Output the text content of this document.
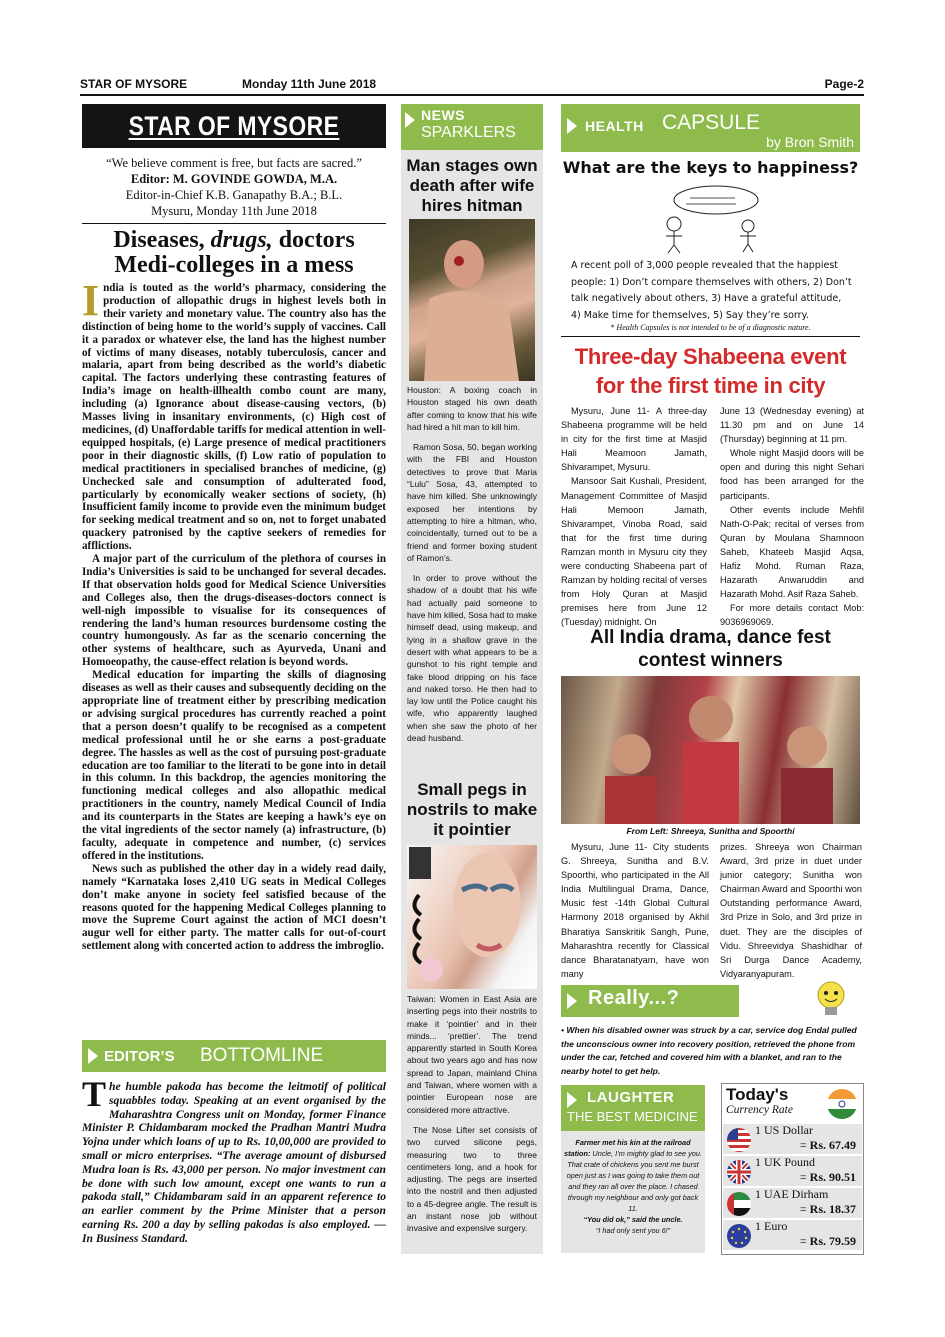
STAR OF MYSORE	Monday 11th June 2018	Page-2
STAR OF MYSORE
“We believe comment is free, but facts are sacred.”
Editor: M. GOVINDE GOWDA, M.A.
Editor-in-Chief K.B. Ganapathy B.A.; B.L.
Mysuru, Monday 11th June 2018
Diseases, drugs, doctors
Medi-colleges in a mess

India is touted as the world’s pharmacy, considering the production of allopathic drugs in highest levels both in their variety and monetary value. The country also has the distinction of being home to the world’s supply of vaccines. Call it a paradox or whatever else, the land has the highest number of victims of many diseases, notably tuberculosis, cancer and malaria, apart from being described as the world’s diabetic capital. The factors underlying these contrasting features of India’s image on health-illhealth combo count are many, including (a) Ignorance about disease-causing vectors, (b) Masses living in insanitary environments, (c) High cost of medicines, (d) Unaffordable tariffs for medical attention in well-equipped hospitals, (e) Large presence of medical practitioners poor in their diagnostic skills, (f) Low ratio of population to medical practitioners in specialised branches of medicine, (g) Unchecked sale and consumption of adulterated food, particularly by economically weaker sections of society, (h) Insufficient family income to provide even the minimum budget for seeking medical treatment and so on, not to forget unabated quackery patronised by the captive seekers of remedies for afflictions.

A major part of the curriculum of the plethora of courses in India’s Universities is said to be unchanged for several decades. If that observation holds good for Medical Science Universities and Colleges also, then the drugs-diseases-doctors connect is well-nigh impossible to visualise for its consequences of rendering the land’s human resources burdensome costing the country humongously. As far as the scenario concerning the other systems of healthcare, such as Ayurveda, Unani and Homoeopathy, the cause-effect relation is beyond words.

Medical education for imparting the skills of diagnosing diseases as well as their causes and subsequently deciding on the appropriate line of treatment either by prescribing medication or advising surgical procedures has currently reached a point that a person doesn’t qualify to be recognised as a competent medical professional until he or she earns a post-graduate degree. The hassles as well as the cost of pursuing post-graduate education are too familiar to the literati to be gone into in detail in this column. In this backdrop, the agencies monitoring the functioning medical colleges and also allopathic medical practitioners in the country, namely Medical Council of India and its counterparts in the States are keeping a hawk’s eye on the vital ingredients of the sector namely (a) infrastructure, (b) faculty, adequate in competence and number, (c) services offered in the institutions.

News such as published the other day in a widely read daily, namely “Karnataka loses 2,410 UG seats in Medical Colleges don’t make anyone in society feel satisfied because of the reasons quoted for the happening Medical Colleges planning to move the Supreme Court against the action of MCI doesn’t augur well for either party. The matter calls for out-of-court settlement along with concerted action to address the imbroglio.

EDITOR’S BOTTOMLINE
The humble pakoda has become the leitmotif of political squabbles today. Speaking at an event organised by the Maharashtra Congress unit on Monday, former Finance Minister P. Chidambaram mocked the Pradhan Mantri Mudra Yojna under which loans of up to Rs. 10,00,000 are provided to small or micro enterprises. “The average amount of disbursed Mudra loan is Rs. 43,000 per person. No major investment can be done with such low amount, except one wants to run a pakoda stall,” Chidambaram said in an apparent reference to an earlier comment by the Prime Minister that a person earning Rs. 200 a day by selling pakodas is also employed. — In Business Standard.
NEWS
SPARKLERS
Man stages own death after wife hires hitman

Houston: A boxing coach in Houston staged his own death after coming to know that his wife had hired a hit man to kill him.

Ramon Sosa, 50, began working with the FBI and Houston detectives to prove that Maria “Lulu” Sosa, 43, attempted to have him killed. She unknowingly exposed her intentions by attempting to hire a hitman, who, coincidentally, turned out to be a friend and former boxing student of Ramon’s.

In order to prove without the shadow of a doubt that his wife had actually paid someone to have him killed, Sosa had to make himself dead, using makeup, and lying in a shallow grave in the desert with what appears to be a gunshot to his right temple and fake blood dripping on his face and naked torso. He then had to lay low until the Police caught his wife, who apparently laughed when she saw the photo of her dead husband.

Small pegs in nostrils to make it pointier

Taiwan: Women in East Asia are inserting pegs into their nostrils to make it ‘pointier’ and in their minds... ‘prettier’. The trend apparently started in South Korea about two years ago and has now spread to Japan, mainland China and Taiwan, where women with a pointier European nose are considered more attractive.

The Nose Lifter set consists of two curved silicone pegs, measuring two to three centimeters long, and a hook for adjusting. The pegs are inserted into the nostril and then adjusted to a 45-degree angle. The result is an instant nose job without invasive and expensive surgery.

HEALTH CAPSULE
by Bron Smith
What are the keys to happiness?
A recent poll of 3,000 people revealed that the happiest people: 1) Don’t compare themselves with others, 2) Don’t talk negatively about others, 3) Have a grateful attitude, 4) Make time for themselves, 5) Say they’re sorry.
* Health Capsules is not intended to be of a diagnostic nature.
Three-day Shabeena event
for the first time in city

Mysuru, June 11- A three-day Shabeena programme will be held in city for the first time at Masjid Hali Meamoon Jamath, Shivarampet, Mysuru.

Mansoor Sait Kushali, President, Management Committee of Masjid Hali Memoon Jamath, Shivarampet, Vinoba Road, said that for the first time during Ramzan month in Mysuru city they were conducting Shabeena part of Ramzan by holding recital of verses from Holy Quran at Masjid premises here from June 12 (Tuesday) midnight. On

June 13 (Wednesday evening) at 11.30 pm and on June 14 (Thursday) beginning at 11 pm.

Whole night Masjid doors will be open and during this night Sehari food has been arranged for the participants.

Other events include Mehfil Nath-O-Pak; recital of verses from Quran by Moulana Shamnoon Saheb, Khateeb Masjid Aqsa, Hafiz Mohd. Ruman Raza, Hazarath Anwaruddin and Hazarath Mohd. Asif Raza Saheb.

For more details contact Mob: 9036969069.

All India drama, dance fest contest winners
From Left: Shreeya, Sunitha and Spoorthi

Mysuru, June 11- City students G. Shreeya, Sunitha and B.V. Spoorthi, who participated in the All India Multilingual Drama, Dance, Music fest -14th Global Cultural Harmony 2018 organised by Akhil Bharatiya Sanskritik Sangh, Pune, Maharashtra recently for Classical dance Bharatanatyam, have won many

prizes. Shreeya won Chairman Award, 3rd prize in duet under junior category; Sunitha won Chairman Award and Spoorthi won Outstanding performance Award, 3rd Prize in Solo, and 3rd prize in duet. They are the disciples of Vidu. Shreevidya Shashidhar of Sri Durga Dance Academy, Vidyaranyapuram.

Really...?
• When his disabled owner was struck by a car, service dog Endal pulled the unconscious owner into recovery position, retrieved the phone from under the car, fetched and covered him with a blanket, and ran to the nearby hotel to get help.
LAUGHTER
THE BEST MEDICINE
Farmer met his kin at the railroad station: Uncle, I’m mighty glad to see you. That crate of chickens you sent me burst open just as I was going to take them out and they ran all over the place. I chased through my neighbour and only got back 11.
“You did ok,” said the uncle.
“I had only sent you 6!”
Today's
Currency Rate
1 US Dollar
= Rs. 67.49
1 UK Pound
= Rs. 90.51
1 UAE Dirham
= Rs. 18.37
1 Euro
= Rs. 79.59
